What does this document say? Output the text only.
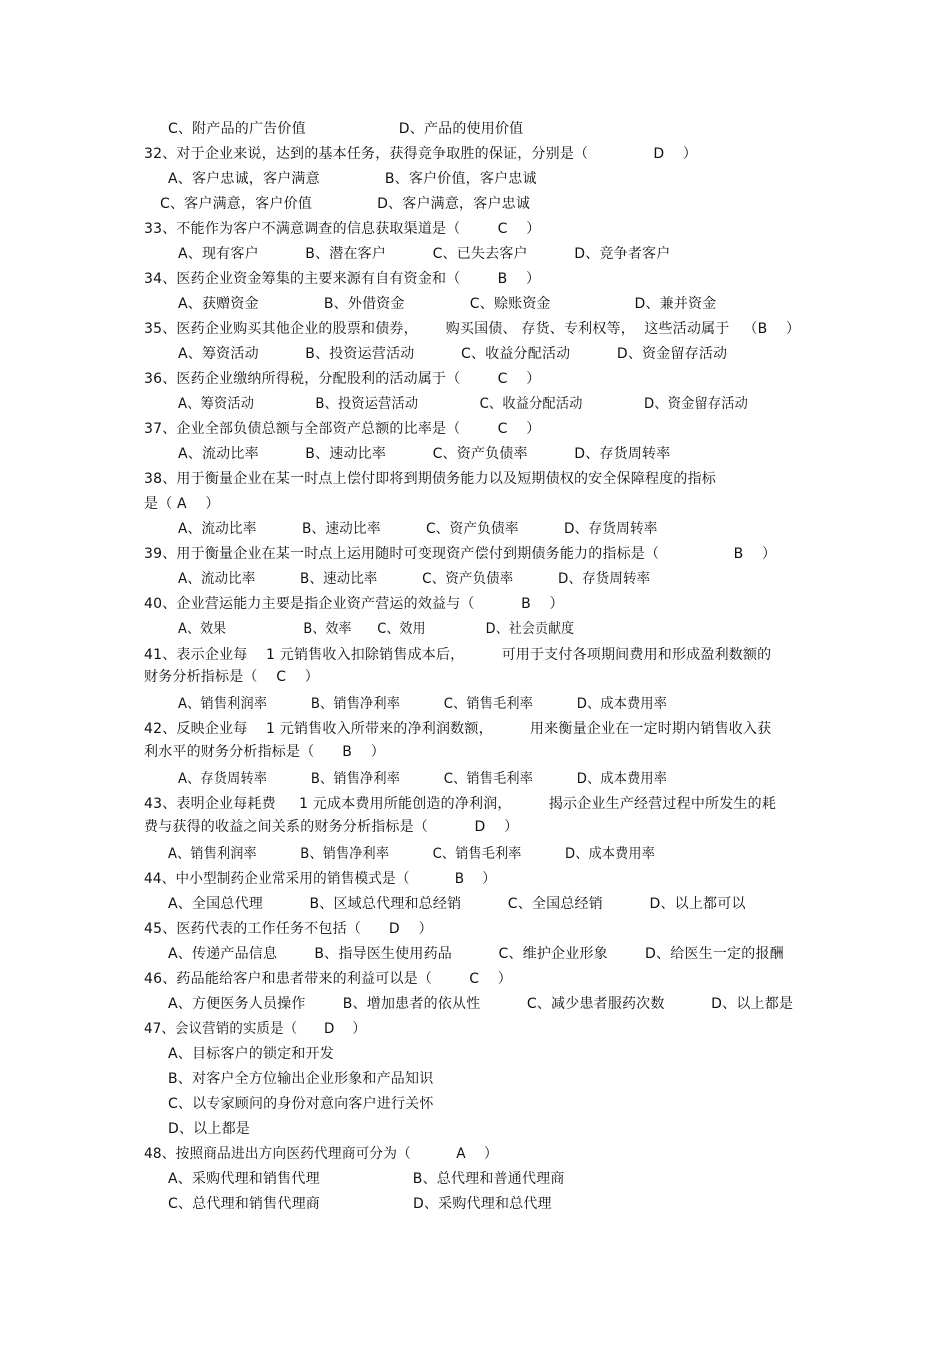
C、附产品的广告价值                    D、产品的使用价值

32、对于企业来说，达到的基本任务，获得竞争取胜的保证，分别是（              D    ）

A、客户忠诚，客户满意              B、客户价值，客户忠诚

C、客户满意，客户价值              D、客户满意，客户忠诚

33、不能作为客户不满意调查的信息获取渠道是（        C    ）

A、现有客户          B、潜在客户          C、已失去客户          D、竞争者客户

34、医药企业资金筹集的主要来源有自有资金和（        B    ）

A、获赠资金              B、外借资金              C、赊账资金                  D、兼并资金

35、医药企业购买其他企业的股票和债券，      购买国债、 存货、专利权等，  这些活动属于   （B    ）

A、筹资活动          B、投资运营活动          C、收益分配活动          D、资金留存活动

36、医药企业缴纳所得税，分配股利的活动属于（        C    ）

A、筹资活动              B、投资运营活动              C、收益分配活动              D、资金留存活动

37、企业全部负债总额与全部资产总额的比率是（        C    ）

A、流动比率          B、速动比率          C、资产负债率          D、存货周转率

38、用于衡量企业在某一时点上偿付即将到期债务能力以及短期债权的安全保障程度的指标

是（ A    ）

A、流动比率          B、速动比率          C、资产负债率          D、存货周转率

39、用于衡量企业在某一时点上运用随时可变现资产偿付到期债务能力的指标是（                B    ）

A、流动比率          B、速动比率          C、资产负债率          D、存货周转率

40、企业营运能力主要是指企业资产营运的效益与（          B    ）

A、效果                  B、效率      C、效用              D、社会贡献度

41、表示企业每    1 元销售收入扣除销售成本后，        可用于支付各项期间费用和形成盈利数额的

财务分析指标是（    C    ）

A、销售利润率          B、销售净利率          C、销售毛利率          D、成本费用率

42、反映企业每    1 元销售收入所带来的净利润数额，        用来衡量企业在一定时期内销售收入获

利水平的财务分析指标是（      B    ）

A、存货周转率          B、销售净利率          C、销售毛利率          D、成本费用率

43、表明企业每耗费     1 元成本费用所能创造的净利润，        揭示企业生产经营过程中所发生的耗

费与获得的收益之间关系的财务分析指标是（          D    ）

A、销售利润率          B、销售净利率          C、销售毛利率          D、成本费用率

44、中小型制药企业常采用的销售模式是（          B    ）

A、全国总代理          B、区域总代理和总经销          C、全国总经销          D、以上都可以

45、医药代表的工作任务不包括（      D    ）

A、传递产品信息        B、指导医生使用药品          C、维护企业形象        D、给医生一定的报酬

46、药品能给客户和患者带来的利益可以是（        C    ）

A、方便医务人员操作        B、增加患者的依从性          C、减少患者服药次数          D、以上都是

47、会议营销的实质是（      D    ）

A、目标客户的锁定和开发

B、对客户全方位输出企业形象和产品知识

C、以专家顾问的身份对意向客户进行关怀

D、以上都是

48、按照商品进出方向医药代理商可分为（          A    ）

A、采购代理和销售代理                    B、总代理和普通代理商

C、总代理和销售代理商                    D、采购代理和总代理
